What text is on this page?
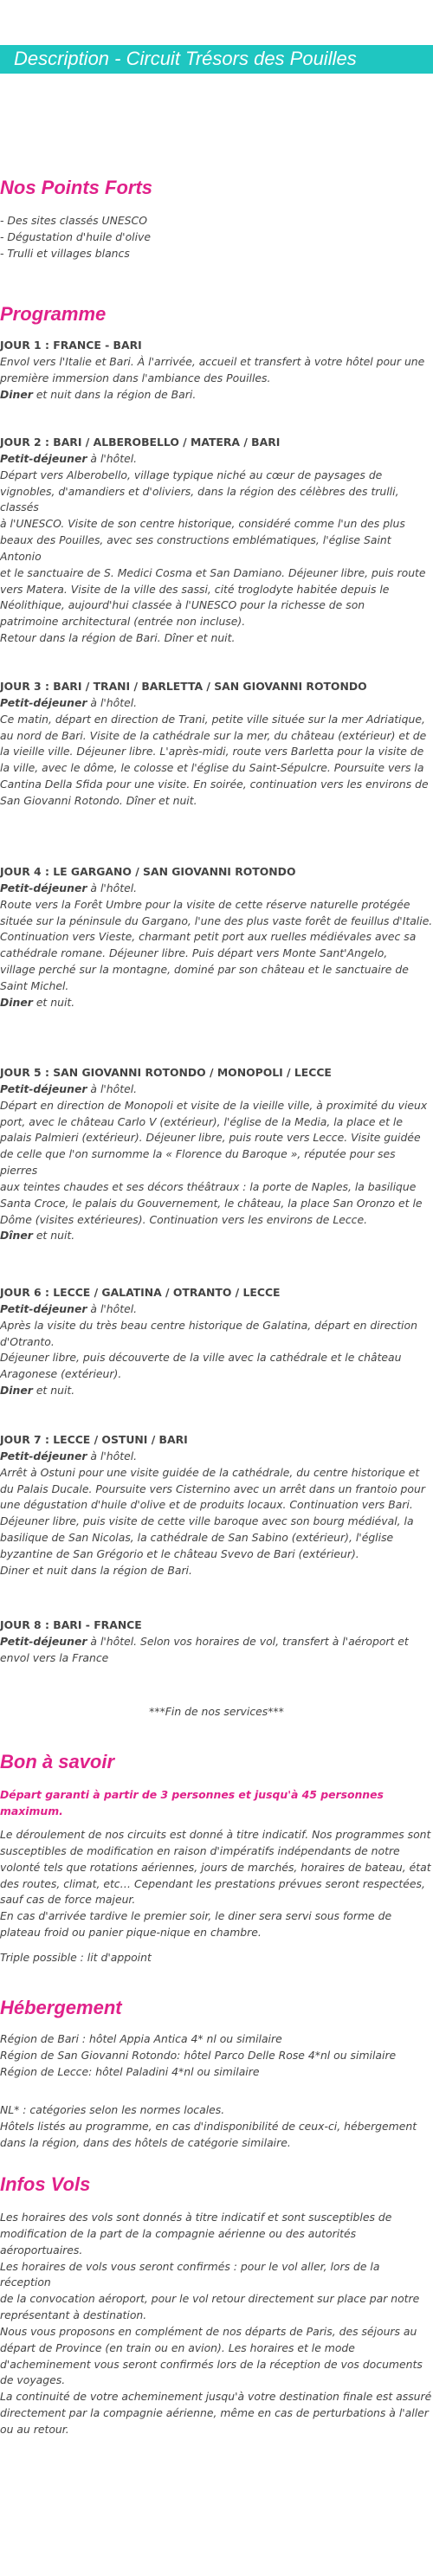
Description - Circuit Trésors des Pouilles
Nos Points Forts

- Des sites classés UNESCO

- Dégustation d'huile d'olive

- Trulli et villages blancs

Programme

JOUR 1 : FRANCE - BARI

Envol vers l'Italie et Bari. À l'arrivée, accueil et transfert à votre hôtel pour une

première immersion dans l'ambiance des Pouilles.

Diner et nuit dans la région de Bari.

JOUR 2 : BARI / ALBEROBELLO / MATERA / BARI

Petit-déjeuner à l'hôtel.

Départ vers Alberobello, village typique niché au cœur de paysages de

vignobles, d'amandiers et d'oliviers, dans la région des célèbres des trulli, classés

à l'UNESCO. Visite de son centre historique, considéré comme l'un des plus

beaux des Pouilles, avec ses constructions emblématiques, l'église Saint Antonio

et le sanctuaire de S. Medici Cosma et San Damiano. Déjeuner libre, puis route

vers Matera. Visite de la ville des sassi, cité troglodyte habitée depuis le

Néolithique, aujourd'hui classée à l'UNESCO pour la richesse de son

patrimoine architectural (entrée non incluse).

Retour dans la région de Bari. Dîner et nuit.

JOUR 3 : BARI / TRANI / BARLETTA / SAN GIOVANNI ROTONDO

Petit-déjeuner à l'hôtel.

Ce matin, départ en direction de Trani, petite ville située sur la mer Adriatique,

au nord de Bari. Visite de la cathédrale sur la mer, du château (extérieur) et de

la vieille ville. Déjeuner libre. L'après-midi, route vers Barletta pour la visite de

la ville, avec le dôme, le colosse et l'église du Saint-Sépulcre. Poursuite vers la

Cantina Della Sfida pour une visite. En soirée, continuation vers les environs de

San Giovanni Rotondo. Dîner et nuit.

JOUR 4 : LE GARGANO / SAN GIOVANNI ROTONDO

Petit-déjeuner à l'hôtel.

Route vers la Forêt Umbre pour la visite de cette réserve naturelle protégée

située sur la péninsule du Gargano, l'une des plus vaste forêt de feuillus d'Italie.

Continuation vers Vieste, charmant petit port aux ruelles médiévales avec sa

cathédrale romane. Déjeuner libre. Puis départ vers Monte Sant'Angelo,

village perché sur la montagne, dominé par son château et le sanctuaire de

Saint Michel.

Diner et nuit.

JOUR 5 : SAN GIOVANNI ROTONDO / MONOPOLI / LECCE

Petit-déjeuner à l'hôtel.

Départ en direction de Monopoli et visite de la vieille ville, à proximité du vieux

port, avec le château Carlo V (extérieur), l'église de la Media, la place et le

palais Palmieri (extérieur). Déjeuner libre, puis route vers Lecce. Visite guidée

de celle que l'on surnomme la « Florence du Baroque », réputée pour ses pierres

aux teintes chaudes et ses décors théâtraux : la porte de Naples, la basilique

Santa Croce, le palais du Gouvernement, le château, la place San Oronzo et le

Dôme (visites extérieures). Continuation vers les environs de Lecce.

Dîner et nuit.

JOUR 6 : LECCE / GALATINA / OTRANTO / LECCE

Petit-déjeuner à l'hôtel.

Après la visite du très beau centre historique de Galatina, départ en direction

d'Otranto.

Déjeuner libre, puis découverte de la ville avec la cathédrale et le château

Aragonese (extérieur).

Diner et nuit.

JOUR 7 : LECCE / OSTUNI / BARI

Petit-déjeuner à l'hôtel.

Arrêt à Ostuni pour une visite guidée de la cathédrale, du centre historique et

du Palais Ducale. Poursuite vers Cisternino avec un arrêt dans un frantoio pour

une dégustation d'huile d'olive et de produits locaux. Continuation vers Bari.

Déjeuner libre, puis visite de cette ville baroque avec son bourg médiéval, la

basilique de San Nicolas, la cathédrale de San Sabino (extérieur), l'église

byzantine de San Grégorio et le château Svevo de Bari (extérieur).

Diner et nuit dans la région de Bari.

JOUR 8 : BARI - FRANCE

Petit-déjeuner à l'hôtel. Selon vos horaires de vol, transfert à l'aéroport et

envol vers la France

***Fin de nos services***
Bon à savoir

Départ garanti à partir de 3 personnes et jusqu'à 45 personnes maximum.

Le déroulement de nos circuits est donné à titre indicatif. Nos programmes sont

susceptibles de modification en raison d'impératifs indépendants de notre

volonté tels que rotations aériennes, jours de marchés, horaires de bateau, état

des routes, climat, etc… Cependant les prestations prévues seront respectées,

sauf cas de force majeur.

En cas d'arrivée tardive le premier soir, le diner sera servi sous forme de

plateau froid ou panier pique-nique en chambre.

Triple possible : lit d'appoint
Hébergement

Région de Bari : hôtel Appia Antica 4* nl ou similaire

Région de San Giovanni Rotondo: hôtel Parco Delle Rose 4*nl ou similaire

Région de Lecce: hôtel Paladini 4*nl ou similaire

NL* : catégories selon les normes locales.

Hôtels listés au programme, en cas d'indisponibilité de ceux-ci, hébergement

dans la région, dans des hôtels de catégorie similaire.

Infos Vols

Les horaires des vols sont donnés à titre indicatif et sont susceptibles de

modification de la part de la compagnie aérienne ou des autorités

aéroportuaires.

Les horaires de vols vous seront confirmés : pour le vol aller, lors de la réception

de la convocation aéroport, pour le vol retour directement sur place par notre

représentant à destination.

Nous vous proposons en complément de nos départs de Paris, des séjours au

départ de Province (en train ou en avion). Les horaires et le mode

d'acheminement vous seront confirmés lors de la réception de vos documents

de voyages.

La continuité de votre acheminement jusqu'à votre destination finale est assuré

directement par la compagnie aérienne, même en cas de perturbations à l'aller

ou au retour.
